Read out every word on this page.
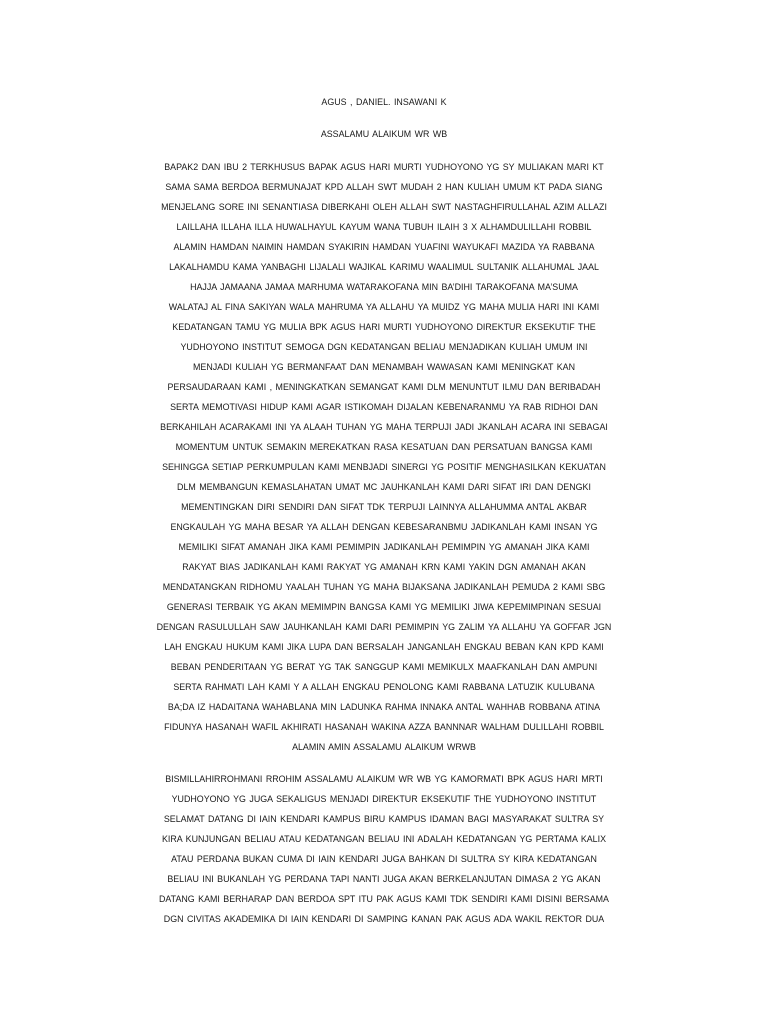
AGUS , DANIEL. INSAWANI K
ASSALAMU ALAIKUM WR WB
BAPAK2 DAN IBU 2 TERKHUSUS BAPAK AGUS HARI MURTI YUDHOYONO YG SY MULIAKAN MARI KT
SAMA SAMA BERDOA BERMUNAJAT KPD ALLAH SWT MUDAH 2 HAN KULIAH UMUM KT PADA SIANG
MENJELANG SORE INI SENANTIASA DIBERKAHI OLEH ALLAH SWT NASTAGHFIRULLAHAL AZIM ALLAZI
LAILLAHA ILLAHA ILLA HUWALHAYUL KAYUM WANA TUBUH ILAIH 3 X ALHAMDULILLAHI ROBBIL
ALAMIN HAMDAN NAIMIN HAMDAN SYAKIRIN HAMDAN YUAFINI WAYUKAFI MAZIDA YA RABBANA
LAKALHAMDU KAMA YANBAGHI LIJALALI WAJIKAL KARIMU WAALIMUL SULTANIK ALLAHUMAL JAAL
HAJJA JAMAANA JAMAA MARHUMA WATARAKOFANA MIN BA’DIHI TARAKOFANA MA’SUMA
WALATAJ AL FINA SAKIYAN WALA MAHRUMA YA ALLAHU YA MUIDZ YG MAHA MULIA HARI INI KAMI
KEDATANGAN TAMU YG MULIA BPK AGUS HARI MURTI YUDHOYONO DIREKTUR EKSEKUTIF THE
YUDHOYONO INSTITUT SEMOGA DGN KEDATANGAN BELIAU MENJADIKAN KULIAH UMUM INI
MENJADI KULIAH YG BERMANFAAT DAN MENAMBAH WAWASAN KAMI MENINGKAT KAN
PERSAUDARAAN KAMI , MENINGKATKAN SEMANGAT KAMI DLM MENUNTUT ILMU DAN BERIBADAH
SERTA MEMOTIVASI HIDUP KAMI AGAR ISTIKOMAH DIJALAN KEBENARANMU YA RAB RIDHOI DAN
BERKAHILAH ACARAKAMI INI YA ALAAH TUHAN YG MAHA TERPUJI JADI JKANLAH ACARA INI SEBAGAI
MOMENTUM UNTUK SEMAKIN MEREKATKAN RASA KESATUAN DAN PERSATUAN BANGSA KAMI
SEHINGGA SETIAP PERKUMPULAN KAMI MENBJADI SINERGI YG POSITIF MENGHASILKAN KEKUATAN
DLM MEMBANGUN KEMASLAHATAN UMAT MC JAUHKANLAH KAMI DARI SIFAT IRI DAN DENGKI
MEMENTINGKAN DIRI SENDIRI DAN SIFAT TDK TERPUJI LAINNYA ALLAHUMMA ANTAL AKBAR
ENGKAULAH YG MAHA BESAR YA ALLAH DENGAN KEBESARANBMU JADIKANLAH KAMI INSAN YG
MEMILIKI SIFAT AMANAH JIKA KAMI PEMIMPIN JADIKANLAH PEMIMPIN YG AMANAH JIKA KAMI
RAKYAT BIAS JADIKANLAH KAMI RAKYAT YG AMANAH KRN KAMI YAKIN DGN AMANAH AKAN
MENDATANGKAN RIDHOMU YAALAH TUHAN YG MAHA BIJAKSANA JADIKANLAH PEMUDA 2 KAMI SBG
GENERASI TERBAIK YG AKAN MEMIMPIN BANGSA KAMI YG MEMILIKI JIWA KEPEMIMPINAN SESUAI
DENGAN RASULULLAH SAW JAUHKANLAH KAMI DARI PEMIMPIN YG ZALIM YA ALLAHU YA GOFFAR JGN
LAH ENGKAU HUKUM KAMI JIKA LUPA DAN BERSALAH JANGANLAH ENGKAU BEBAN KAN KPD KAMI
BEBAN PENDERITAAN YG BERAT YG TAK SANGGUP KAMI MEMIKULX MAAFKANLAH DAN AMPUNI
SERTA RAHMATI LAH KAMI Y A ALLAH ENGKAU PENOLONG KAMI RABBANA LATUZIK KULUBANA
BA;DA IZ HADAITANA WAHABLANA MIN LADUNKA RAHMA INNAKA ANTAL WAHHAB ROBBANA ATINA
FIDUNYA HASANAH WAFIL AKHIRATI HASANAH WAKINA AZZA BANNNAR WALHAM DULILLAHI ROBBIL
ALAMIN AMIN ASSALAMU ALAIKUM WRWB
BISMILLAHIRROHMANI RROHIM ASSALAMU ALAIKUM WR WB YG KAMORMATI BPK AGUS HARI MRTI
YUDHOYONO YG JUGA SEKALIGUS MENJADI DIREKTUR EKSEKUTIF THE YUDHOYONO INSTITUT
SELAMAT DATANG DI IAIN KENDARI KAMPUS BIRU KAMPUS IDAMAN BAGI MASYARAKAT SULTRA SY
KIRA KUNJUNGAN BELIAU ATAU KEDATANGAN BELIAU INI ADALAH KEDATANGAN YG PERTAMA KALIX
ATAU PERDANA BUKAN CUMA DI IAIN KENDARI JUGA BAHKAN DI SULTRA SY KIRA KEDATANGAN
BELIAU INI BUKANLAH YG PERDANA TAPI NANTI JUGA AKAN BERKELANJUTAN DIMASA 2 YG AKAN
DATANG KAMI BERHARAP DAN BERDOA SPT ITU PAK AGUS KAMI TDK SENDIRI KAMI DISINI BERSAMA
DGN CIVITAS AKADEMIKA DI IAIN KENDARI DI SAMPING KANAN PAK AGUS ADA WAKIL REKTOR DUA
